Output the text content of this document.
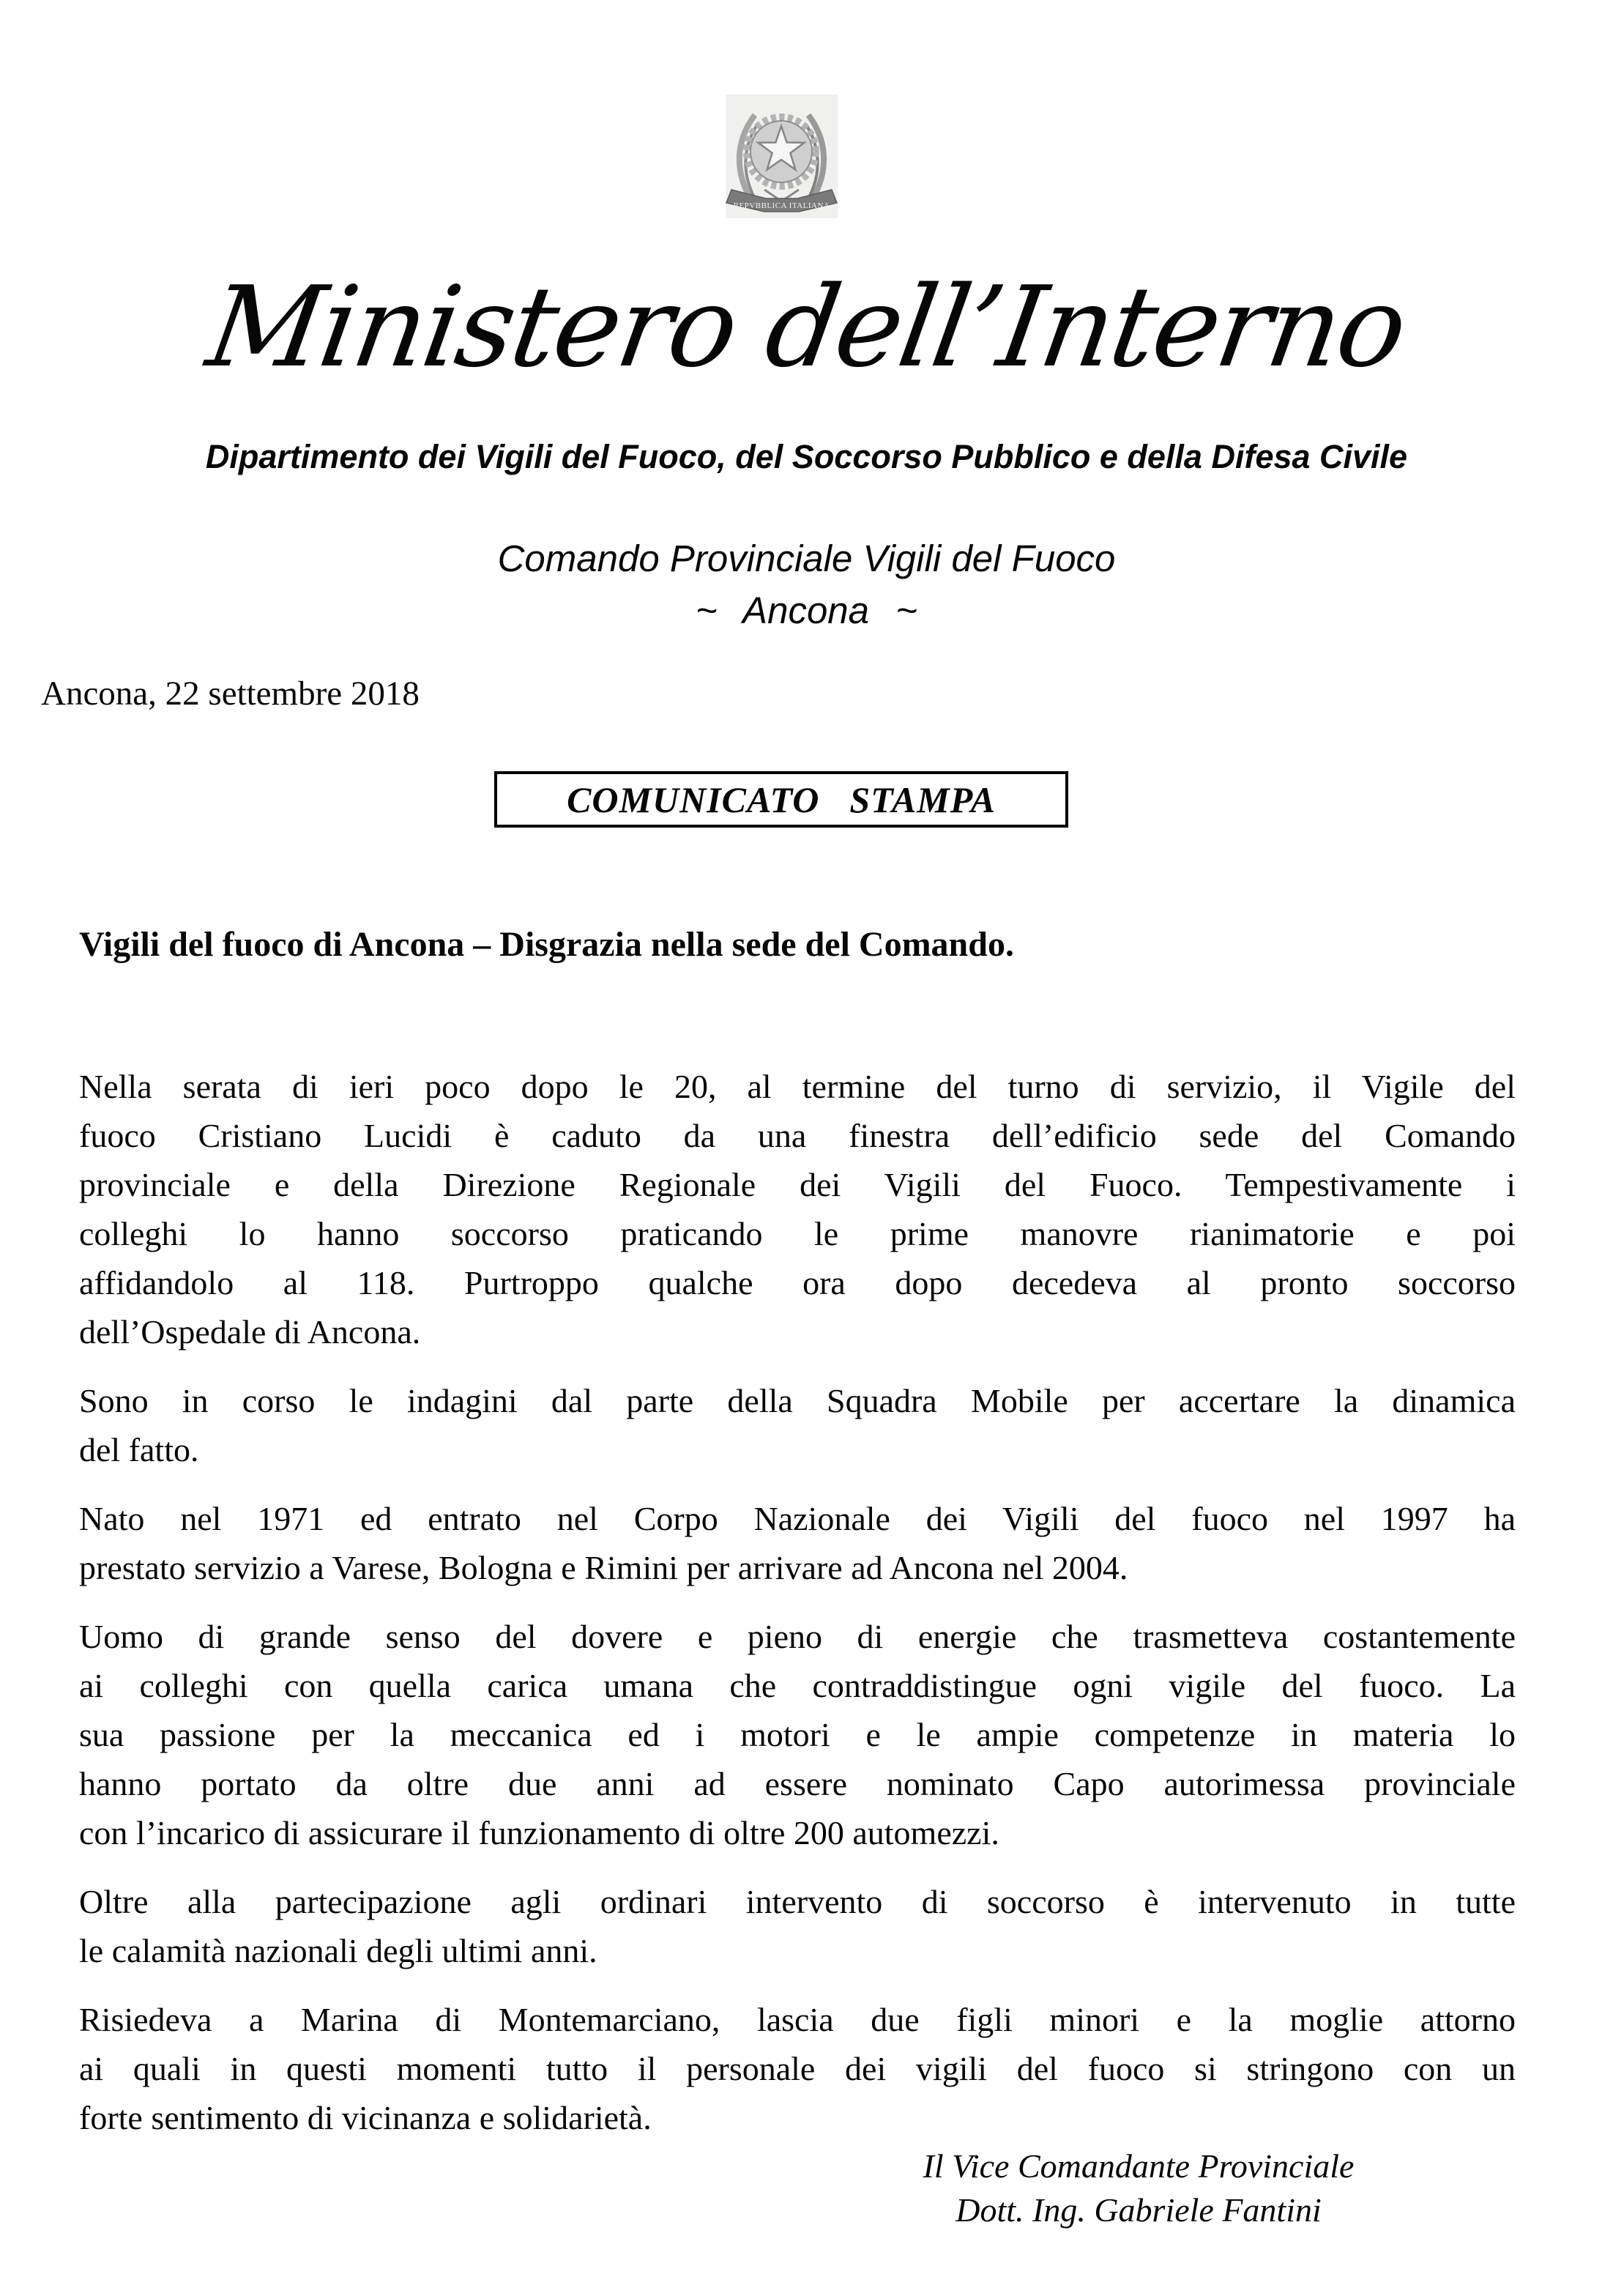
REPVBBLICA ITALIANA
Ministero dell’Interno
Dipartimento dei Vigili del Fuoco, del Soccorso Pubblico e della Difesa Civile
Comando Provinciale Vigili del Fuoco
~ Ancona ~
Ancona, 22 settembre 2018
COMUNICATO STAMPA
Vigili del fuoco di Ancona – Disgrazia nella sede del Comando.
Nella serata di ieri poco dopo le 20, al termine del turno di servizio, il Vigile del
fuoco Cristiano Lucidi è caduto da una finestra dell’edificio sede del Comando
provinciale e della Direzione Regionale dei Vigili del Fuoco. Tempestivamente i
colleghi lo hanno soccorso praticando le prime manovre rianimatorie e poi
affidandolo al 118. Purtroppo qualche ora dopo decedeva al pronto soccorso
dell’Ospedale di Ancona.
Sono in corso le indagini dal parte della Squadra Mobile per accertare la dinamica
del fatto.
Nato nel 1971 ed entrato nel Corpo Nazionale dei Vigili del fuoco nel 1997 ha
prestato servizio a Varese, Bologna e Rimini per arrivare ad Ancona nel 2004.
Uomo di grande senso del dovere e pieno di energie che trasmetteva costantemente
ai colleghi con quella carica umana che contraddistingue ogni vigile del fuoco. La
sua passione per la meccanica ed i motori e le ampie competenze in materia lo
hanno portato da oltre due anni ad essere nominato Capo autorimessa provinciale
con l’incarico di assicurare il funzionamento di oltre 200 automezzi.
Oltre alla partecipazione agli ordinari intervento di soccorso è intervenuto in tutte
le calamità nazionali degli ultimi anni.
Risiedeva a Marina di Montemarciano, lascia due figli minori e la moglie attorno
ai quali in questi momenti tutto il personale dei vigili del fuoco si stringono con un
forte sentimento di vicinanza e solidarietà.
Il Vice Comandante Provinciale
Dott. Ing. Gabriele Fantini
